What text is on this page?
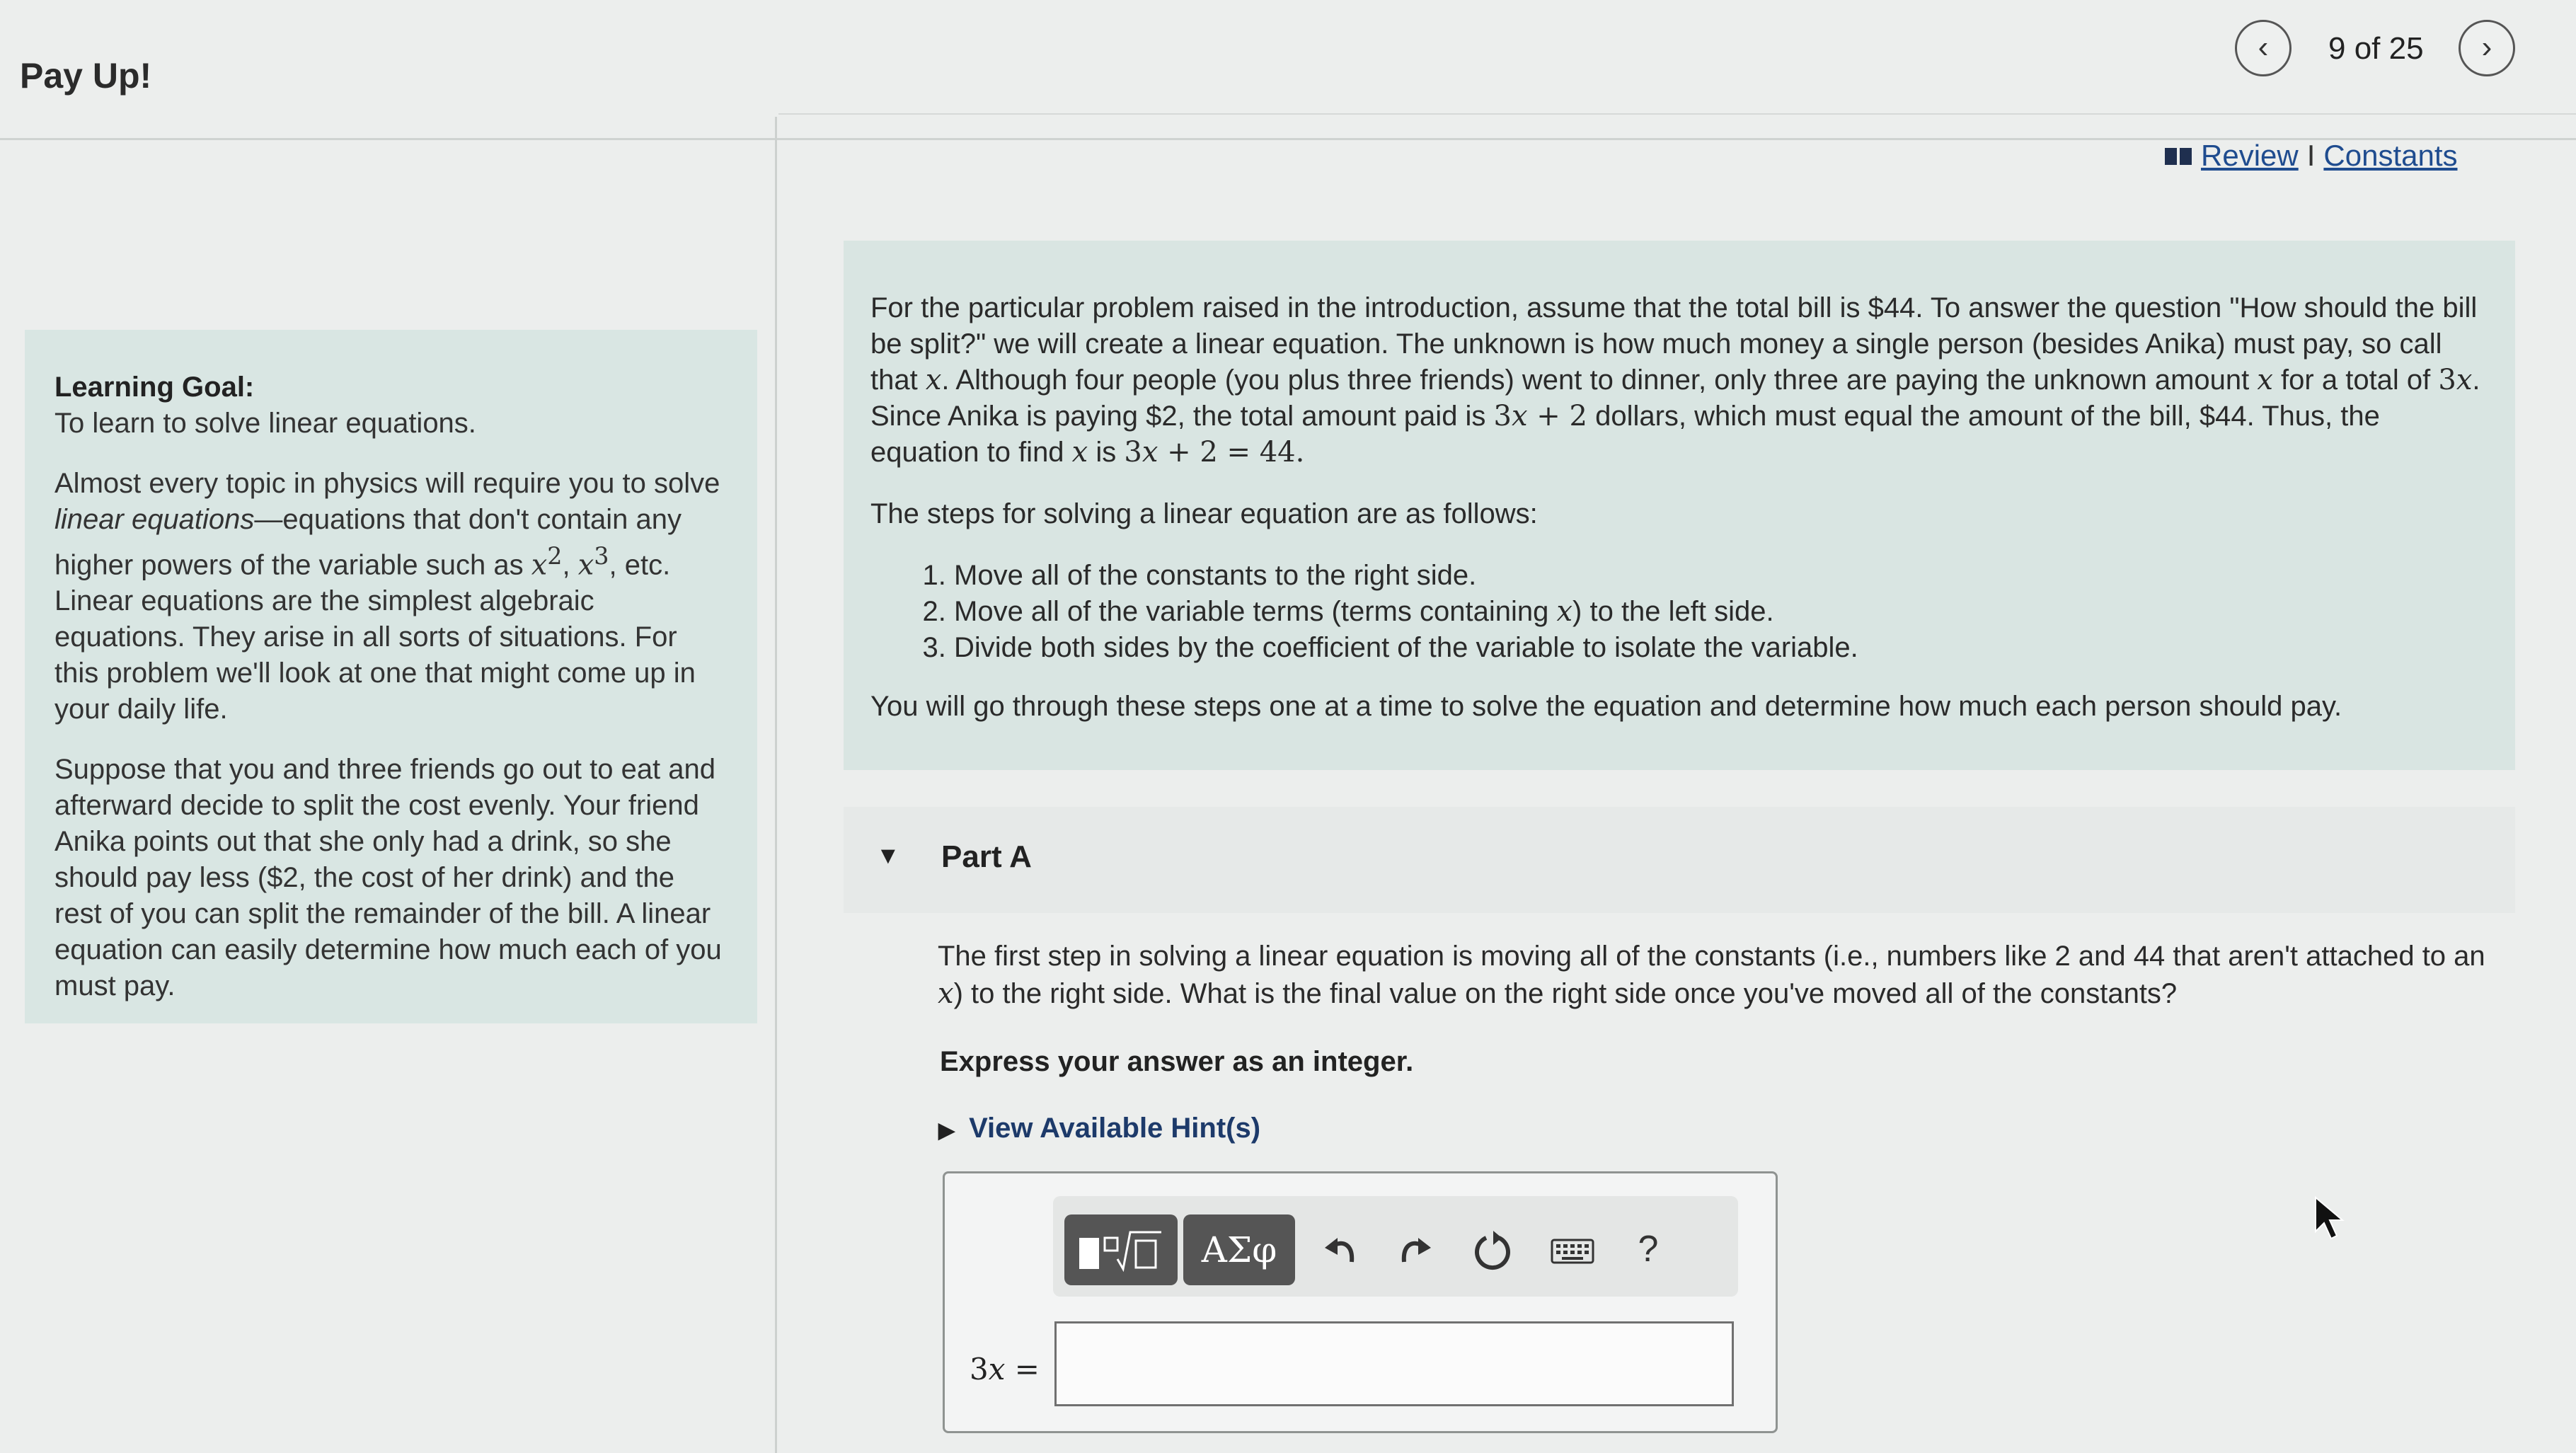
Pay Up!
‹	9 of 25	›
Review I Constants
Learning Goal:

To learn to solve linear equations.

Almost every topic in physics will require you to solve linear equations—equations that don't contain any higher powers of the variable such as $x^2$, $x^3$, etc. Linear equations are the simplest algebraic equations. They arise in all sorts of situations. For this problem we'll look at one that might come up in your daily life.

Suppose that you and three friends go out to eat and afterward decide to split the cost evenly. Your friend Anika points out that she only had a drink, so she should pay less ($2, the cost of her drink) and the rest of you can split the remainder of the bill. A linear equation can easily determine how much each of you must pay.

For the particular problem raised in the introduction, assume that the total bill is $44. To answer the question "How should the bill be split?" we will create a linear equation. The unknown is how much money a single person (besides Anika) must pay, so call that x. Although four people (you plus three friends) went to dinner, only three are paying the unknown amount x for a total of 3x. Since Anika is paying $2, the total amount paid is 3x + 2 dollars, which must equal the amount of the bill, $44. Thus, the equation to find x is 3x + 2 = 44.

The steps for solving a linear equation are as follows:

1. Move all of the constants to the right side.
2. Move all of the variable terms (terms containing x) to the left side.
3. Divide both sides by the coefficient of the variable to isolate the variable.

You will go through these steps one at a time to solve the equation and determine how much each person should pay.

▼ Part A
The first step in solving a linear equation is moving all of the constants (i.e., numbers like 2 and 44 that aren't attached to an x) to the right side. What is the final value on the right side once you've moved all of the constants?
Express your answer as an integer.
▶ View Available Hint(s)
ΑΣφ	?
3x =
